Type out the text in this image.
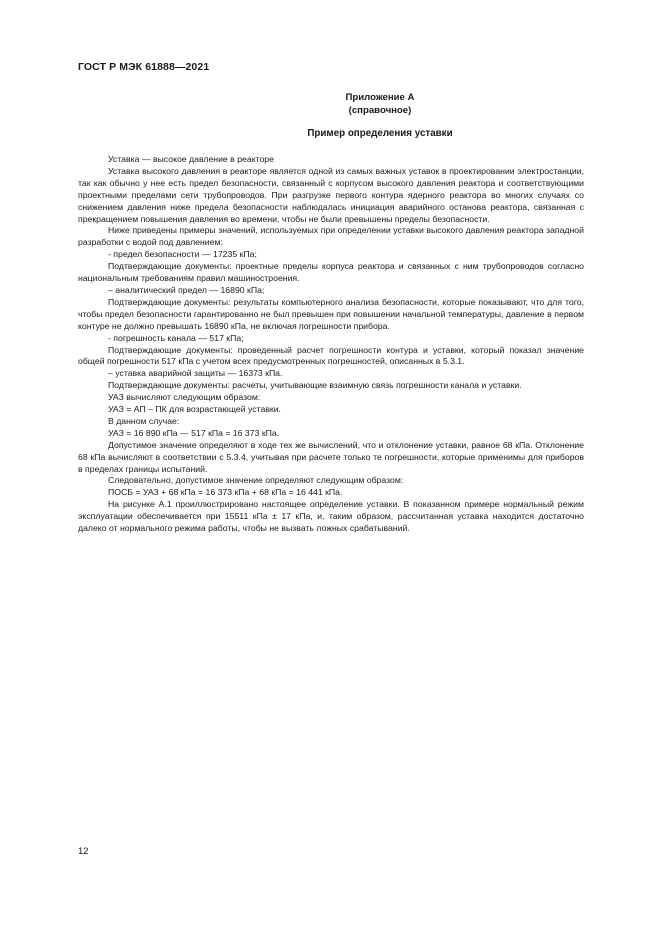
ГОСТ Р МЭК 61888—2021
Приложение А
(справочное)
Пример определения уставки

Уставка — высокое давление в реакторе

Уставка высокого давления в реакторе является одной из самых важных уставок в проектировании электростанции, так как обычно у нее есть предел безопасности, связанный с корпусом высокого давления реактора и соответствующими проектными пределами сети трубопроводов. При разгрузке первого контура ядерного реактора во многих случаях со снижением давления ниже предела безопасности наблюдалась инициация аварийного останова реактора, связанная с прекращением повышения давления во времени, чтобы не были превышены пределы безопасности.

Ниже приведены примеры значений, используемых при определении уставки высокого давления реактора западной разработки с водой под давлением:

- предел безопасности — 17235 кПа;

Подтверждающие документы: проектные пределы корпуса реактора и связанных с ним трубопроводов согласно национальным требованиям правил машиностроения.

– аналитический предел — 16890 кПа;

Подтверждающие документы: результаты компьютерного анализа безопасности, которые показывают, что для того, чтобы предел безопасности гарантированно не был превышен при повышении начальной температуры, давление в первом контуре не должно превышать 16890 кПа, не включая погрешности прибора.

- погрешность канала — 517 кПа;

Подтверждающие документы: проведенный расчет погрешности контура и уставки, который показал значение общей погрешности 517 кПа с учетом всех предусмотренных погрешностей, описанных в 5.3.1.

– уставка аварийной защиты — 16373 кПа.

Подтверждающие документы: расчеты, учитывающие взаимную связь погрешности канала и уставки.

УАЗ вычисляют следующим образом:

УАЗ = АП – ПК для возрастающей уставки.

В данном случае:

УАЗ = 16 890 кПа — 517 кПа = 16 373 кПа.

Допустимое значение определяют в ходе тех же вычислений, что и отклонение уставки, равное 68 кПа. Отклонение 68 кПа вычисляют в соответствии с 5.3.4, учитывая при расчете только те погрешности, которые применимы для приборов в пределах границы испытаний.

Следовательно, допустимое значение определяют следующим образом:

ПОСБ = УАЗ + 68 кПа = 16 373 кПа + 68 кПа = 16 441 кПа.

На рисунке А.1 проиллюстрировано настоящее определение уставки. В показанном примере нормальный режим эксплуатации обеспечивается при 15511 кПа ± 17 кПа, и, таким образом, рассчитанная уставка находится достаточно далеко от нормального режима работы, чтобы не вызвать ложных срабатываний.

12
